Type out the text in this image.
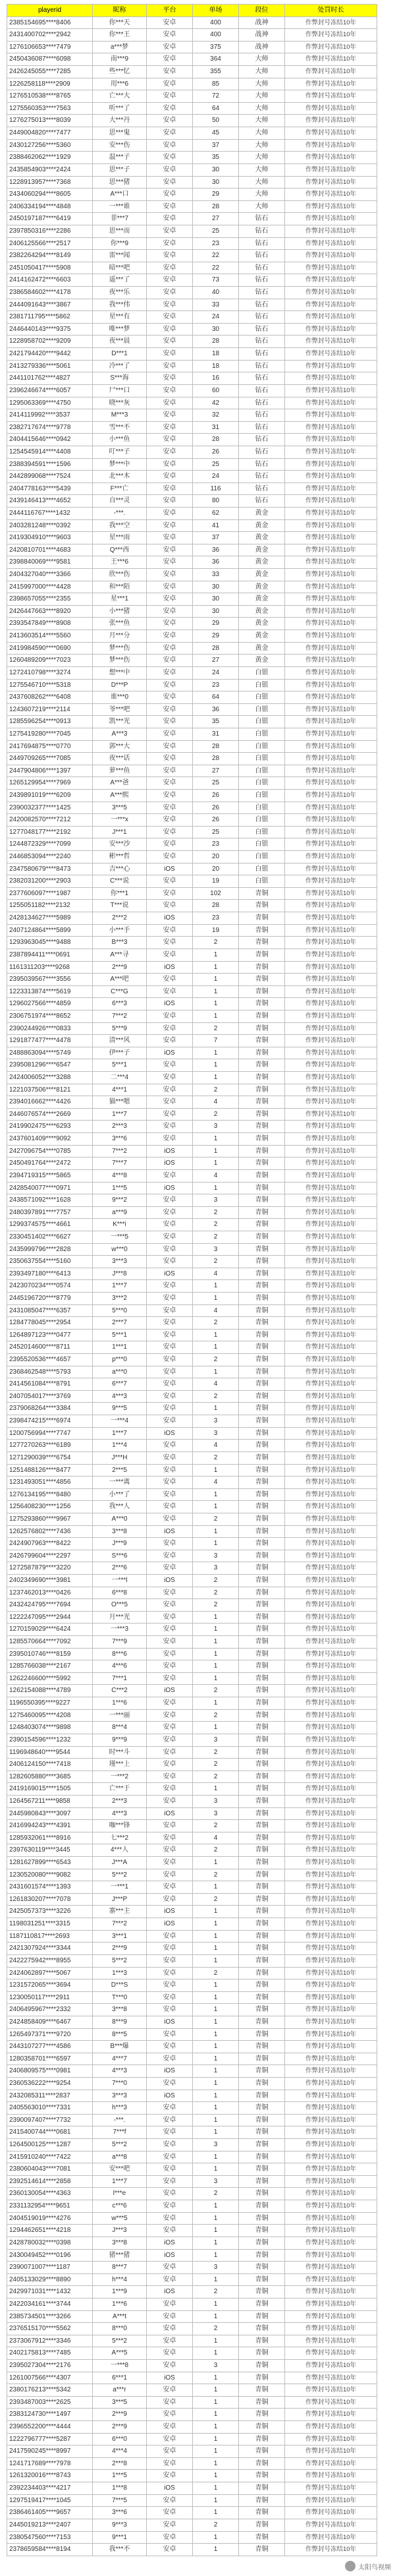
playerid	昵称	平台	单场	段位	处罚时长
2385154695****8406	你***天	安卓	400	战神	作弊封号冻结10年
2431400702****2942	你***王	安卓	400	战神	作弊封号冻结10年
1276106653****7479	a***梦	安卓	375	战神	作弊封号冻结10年
2450436087****6098	南***9	安卓	364	大师	作弊封号冻结10年
2426245055****7285	些***忆	安卓	355	大师	作弊封号冻结10年
1226258118****2909	用***6	安卓	85	大师	作弊封号冻结10年
1276510538****8765	亡***大	安卓	72	大师	作弊封号冻结10年
1275560353****7563	听***了	安卓	64	大师	作弊封号冻结10年
1276275013****8039	大***丹	安卓	50	大师	作弊封号冻结10年
2449004820****7477	思***鬼	安卓	45	大师	作弊封号冻结10年
2430127256****5360	安***伤	安卓	37	大师	作弊封号冻结10年
2388462062****1929	温***子	安卓	35	大师	作弊封号冻结10年
2435854903****2424	思***子	安卓	30	大师	作弊封号冻结10年
1228913957****7368	思***猪	安卓	30	大师	作弊封号冻结10年
2434060294****8605	A***口	安卓	29	大师	作弊封号冻结10年
2406334194****4848	一***谁	安卓	28	大师	作弊封号冻结10年
2450197187****6419	菲***7	安卓	27	钻石	作弊封号冻结10年
2397850316****2286	思***而	安卓	25	钻石	作弊封号冻结10年
2406125566****2517	你***9	安卓	23	钻石	作弊封号冻结10年
2382264294****8149	雷***闻	安卓	22	钻石	作弊封号冻结10年
2451050417****5908	暗***吧	安卓	22	钻石	作弊封号冻结10年
2414162472****6603	遥***了	安卓	73	钻石	作弊封号冻结10年
2386584602****4178	夜***乐	安卓	40	钻石	作弊封号冻结10年
2444091643****3867	我***伟	安卓	33	钻石	作弊封号冻结10年
2381711795****5862	星***有	安卓	24	钻石	作弊封号冻结10年
2446440143****9375	唯***梦	安卓	30	钻石	作弊封号冻结10年
1228958702****9209	夜***晨	安卓	28	钻石	作弊封号冻结10年
2421794420****9442	D***1	安卓	18	钻石	作弊封号冻结10年
2413279336****5061	冷***了	安卓	18	钻石	作弊封号冻结10年
2441101762****4827	S***海	安卓	16	钻石	作弊封号冻结10年
2396246674****6057	尸***口	安卓	60	钻石	作弊封号冻结10年
1295063369****4750	晓***灰	安卓	42	钻石	作弊封号冻结10年
2414119992****3537	M***3	安卓	32	钻石	作弊封号冻结10年
2382717674****9778	雪***不	安卓	31	钻石	作弊封号冻结10年
2404415646****0942	小***鱼	安卓	28	钻石	作弊封号冻结10年
1254545914****4408	叮***子	安卓	26	钻石	作弊封号冻结10年
2388394591****1596	梦***中	安卓	25	钻石	作弊封号冻结10年
2442899068****7524	北***木	安卓	24	钻石	作弊封号冻结10年
2404778163****5439	F***亡	安卓	116	钻石	作弊封号冻结10年
2439146413****4652	自***灵	安卓	80	钻石	作弊封号冻结10年
2444116767****1432	-***.	安卓	62	黄金	作弊封号冻结10年
2403281248****0392	我***空	安卓	41	黄金	作弊封号冻结10年
2419304910****9603	星***雨	安卓	37	黄金	作弊封号冻结10年
2420810701****4683	Q***西	安卓	36	黄金	作弊封号冻结10年
2398840069****9581	王***6	安卓	36	黄金	作弊封号冻结10年
2404327040****3366	欣***伤	安卓	33	黄金	作弊封号冻结10年
2415997000****4428	和***陌	安卓	30	黄金	作弊封号冻结10年
2398657055****2355	星***1	安卓	30	黄金	作弊封号冻结10年
2426447663****8920	小***猪	安卓	30	黄金	作弊封号冻结10年
2393547849****8908	张***鱼	安卓	29	黄金	作弊封号冻结10年
2413603514****5560	月***分	安卓	29	黄金	作弊封号冻结10年
2419984590****0690	梦***伤	安卓	28	黄金	作弊封号冻结10年
1260489209****7023	梦***伤	安卓	27	黄金	作弊封号冻结10年
1272410798****3274	想***中	安卓	24	白银	作弊封号冻结10年
1275546710****5318	D***P	安卓	23	白银	作弊封号冻结10年
2437608262****6408	谁***0	安卓	64	白银	作弊封号冻结10年
1243607219****2114	爷***吧	安卓	36	白银	作弊封号冻结10年
1285596254****0913	凯***光	安卓	35	白银	作弊封号冻结10年
1275419280****7045	A***3	安卓	31	白银	作弊封号冻结10年
2417694875****0770	郭***大	安卓	28	白银	作弊封号冻结10年
2449709265****7085	夜***话	安卓	28	白银	作弊封号冻结10年
2447904806****1397	萝***鱼	安卓	27	白银	作弊封号冻结10年
1265129954****7969	A***爸	安卓	25	白银	作弊封号冻结10年
2439891019****6209	A***熙	安卓	26	白银	作弊封号冻结10年
2390032377****1425	3***5	安卓	26	白银	作弊封号冻结10年
2420082570****7212	一***x	安卓	26	白银	作弊封号冻结10年
1277048177****2192	J***1	安卓	25	白银	作弊封号冻结10年
1244872329****7099	安***沙	安卓	23	白银	作弊封号冻结10年
2446853094****2240	彬***哲	安卓	20	白银	作弊封号冻结10年
2347580679****8473	吉***心	iOS	20	白银	作弊封号冻结10年
2382031200****2903	C***说	安卓	19	白银	作弊封号冻结10年
2377606097****1987	你***1	安卓	102	青铜	作弊封号冻结10年
1255051182****2132	T***说	安卓	28	青铜	作弊封号冻结10年
2428134627****5989	2***2	iOS	23	青铜	作弊封号冻结10年
2407124864****5899	小***手	安卓	19	青铜	作弊封号冻结10年
1293963045****9488	B***3	安卓	2	青铜	作弊封号冻结10年
2387894411****0691	A***寻	安卓	1	青铜	作弊封号冻结10年
1161311203****9268	2***9	iOS	1	青铜	作弊封号冻结10年
2395039567****3556	A***吧	安卓	1	青铜	作弊封号冻结10年
1223313874****5619	C***G	安卓	1	青铜	作弊封号冻结10年
1296027566****4859	6***3	iOS	1	青铜	作弊封号冻结10年
2306751974****8652	7***2	安卓	1	青铜	作弊封号冻结10年
2390244926****0833	5***9	安卓	2	青铜	作弊封号冻结10年
1291877477****4478	清***风	安卓	7	青铜	作弊封号冻结10年
2488863094****5749	伊***子	iOS	1	青铜	作弊封号冻结10年
2395081296****6547	5***1	安卓	1	青铜	作弊封号冻结10年
2424006052****3288	二***4	安卓	1	青铜	作弊封号冻结10年
1221037506****8121	4***1	安卓	2	青铜	作弊封号冻结10年
2394016662****4426	猫***嗯	安卓	4	青铜	作弊封号冻结10年
2446076574****2669	1***7	安卓	2	青铜	作弊封号冻结10年
2419902475****6293	2***3	安卓	3	青铜	作弊封号冻结10年
2437601409****9092	3***6	安卓	1	青铜	作弊封号冻结10年
2427096754****0785	7***2	iOS	1	青铜	作弊封号冻结10年
2450491764****2472	7***7	iOS	1	青铜	作弊封号冻结10年
2394719315****5865	4***8	安卓	4	青铜	作弊封号冻结10年
2428540077****0971	1***5	iOS	1	青铜	作弊封号冻结10年
2438571092****1628	9***2	安卓	3	青铜	作弊封号冻结10年
2480397891****7757	a***9	安卓	2	青铜	作弊封号冻结10年
1299374575****4661	K***i	安卓	2	青铜	作弊封号冻结10年
2330451402****6627	一***5	安卓	2	青铜	作弊封号冻结10年
2435999796****2828	w***0	安卓	3	青铜	作弊封号冻结10年
2350637554****5160	3***3	安卓	2	青铜	作弊封号冻结10年
2393497180****6413	J***8	iOS	4	青铜	作弊封号冻结10年
2423070234****0574	1***7	安卓	1	青铜	作弊封号冻结10年
2445196720****8779	3***2	安卓	1	青铜	作弊封号冻结10年
2431085047****6357	5***0	安卓	4	青铜	作弊封号冻结10年
1284778045****2954	2***7	安卓	2	青铜	作弊封号冻结10年
1264897123****0477	5***1	安卓	1	青铜	作弊封号冻结10年
2452014600****8711	1***1	安卓	1	青铜	作弊封号冻结10年
2395520536****4657	p***0	安卓	2	青铜	作弊封号冻结10年
2368462548****5793	a***0	安卓	1	青铜	作弊封号冻结10年
2414561084****8791	6***7	安卓	4	青铜	作弊封号冻结10年
2407054017****3769	4***3	安卓	2	青铜	作弊封号冻结10年
2379068264****3384	9***5	安卓	1	青铜	作弊封号冻结10年
2398474215****6974	一***4	安卓	3	青铜	作弊封号冻结10年
1200756994****7747	1***7	iOS	3	青铜	作弊封号冻结10年
1277270263****6189	1***4	安卓	4	青铜	作弊封号冻结10年
1271290039****6754	J***H	安卓	2	青铜	作弊封号冻结10年
1251488126****8477	2***5	安卓	1	青铜	作弊封号冻结10年
1231493051****4856	一***离	安卓	4	青铜	作弊封号冻结10年
1276134195****8480	小***了	安卓	1	青铜	作弊封号冻结10年
1256408230****1256	我***人	安卓	1	青铜	作弊封号冻结10年
1275293860****9967	A***0	安卓	2	青铜	作弊封号冻结10年
1262576802****7436	3***8	iOS	1	青铜	作弊封号冻结10年
2424907963****8422	J***9	安卓	1	青铜	作弊封号冻结10年
2426799604****2297	S***6	安卓	3	青铜	作弊封号冻结10年
1272587879****3220	2***6	安卓	3	青铜	作弊封号冻结10年
2402349690****3981	一***l	iOS	2	青铜	作弊封号冻结10年
1237462013****0426	6***8	安卓	2	青铜	作弊封号冻结10年
2432424795****7694	O***5	安卓	2	青铜	作弊封号冻结10年
1222247095****2944	月***光	安卓	1	青铜	作弊封号冻结10年
1270159029****6424	一***3	安卓	1	青铜	作弊封号冻结10年
1285570664****7092	7***9	安卓	1	青铜	作弊封号冻结10年
2395010746****8159	8***6	安卓	1	青铜	作弊封号冻结10年
1285766038****2167	4***6	安卓	1	青铜	作弊封号冻结10年
1262246600****5992	7***1	安卓	1	青铜	作弊封号冻结10年
1262154088****4789	C***2	iOS	2	青铜	作弊封号冻结10年
1196550395****9227	1***6	安卓	1	青铜	作弊封号冻结10年
1275460095****4208	一***丽	安卓	2	青铜	作弊封号冻结10年
1248403074****9898	8***4	安卓	1	青铜	作弊封号冻结10年
2390154596****1232	9***9	安卓	3	青铜	作弊封号冻结10年
1196948640****9544	时***斗	安卓	2	青铜	作弊封号冻结10年
2406124150****7418	瑾***上	安卓	2	青铜	作弊封号冻结10年
1282605880****3685	一***2	安卓	2	青铜	作弊封号冻结10年
2419169015****1505	亡***于	安卓	1	青铜	作弊封号冻结10年
1264567211****9858	2***3	安卓	3	青铜	作弊封号冻结10年
2445980843****3097	4***3	iOS	3	青铜	作弊封号冻结10年
2416994243****4391	咖***锋	安卓	2	青铜	作弊封号冻结10年
1285932061****8916	七***2	安卓	4	青铜	作弊封号冻结10年
2397630119****3445	4***人	安卓	2	青铜	作弊封号冻结10年
1281627899****6543	J***A	安卓	1	青铜	作弊封号冻结10年
1230520080****9082	5***2	安卓	2	青铜	作弊封号冻结10年
2431601574****1393	一***1	安卓	1	青铜	作弊封号冻结10年
1261830207****7078	J***P	安卓	2	青铜	作弊封号冻结10年
2425057373****3226	寨***主	iOS	1	青铜	作弊封号冻结10年
1198031251****3315	7***2	iOS	1	青铜	作弊封号冻结10年
1187110817****2693	3***1	安卓	1	青铜	作弊封号冻结10年
2421307924****3344	2***9	安卓	1	青铜	作弊封号冻结10年
2422275942****8955	5***2	安卓	1	青铜	作弊封号冻结10年
2424062897****5067	1***3	安卓	2	青铜	作弊封号冻结10年
1231572065****3694	D***S	安卓	1	青铜	作弊封号冻结10年
1230050117****2911	T***0	安卓	1	青铜	作弊封号冻结10年
2406495967****2332	3***8	安卓	1	青铜	作弊封号冻结10年
2424858409****6467	8***9	iOS	1	青铜	作弊封号冻结10年
1265497371****9720	8***5	安卓	1	青铜	作弊封号冻结10年
2443107277****4586	B***爆	安卓	1	青铜	作弊封号冻结10年
1280358701****6597	4***7	安卓	1	青铜	作弊封号冻结10年
2406809575****0981	4***3	iOS	1	青铜	作弊封号冻结10年
2360536222****9254	7***0	安卓	1	青铜	作弊封号冻结10年
2432085311****2837	3***3	iOS	1	青铜	作弊封号冻结10年
2405563010****7331	h***3	安卓	1	青铜	作弊封号冻结10年
2390097407****7732	-***.	安卓	1	青铜	作弊封号冻结10年
2415400744****0681	7***f	安卓	1	青铜	作弊封号冻结10年
1264500125****1287	5***2	安卓	3	青铜	作弊封号冻结10年
2415910240****7422	a***8	安卓	1	青铜	作弊封号冻结10年
2380604043****7081	安***吧	安卓	1	青铜	作弊封号冻结10年
2392514614****2858	1***7	安卓	3	青铜	作弊封号冻结10年
2360130054****4363	l***e	安卓	2	青铜	作弊封号冻结10年
2331132954****9651	c***6	安卓	1	青铜	作弊封号冻结10年
2404519019****4276	w***5	安卓	1	青铜	作弊封号冻结10年
1294462651****4218	J***3	安卓	1	青铜	作弊封号冻结10年
2428780032****0398	3***8	iOS	1	青铜	作弊封号冻结10年
2430049452****0196	猪***猪	iOS	1	青铜	作弊封号冻结10年
2390071007****1187	8***7	安卓	3	青铜	作弊封号冻结10年
2405133029****8890	h***4	安卓	1	青铜	作弊封号冻结10年
2429971031****1432	1***9	iOS	2	青铜	作弊封号冻结10年
2422034161****3744	1***6	安卓	1	青铜	作弊封号冻结10年
2385734501****3266	A***t	安卓	1	青铜	作弊封号冻结10年
2376515170****5562	8***0	安卓	2	青铜	作弊封号冻结10年
2373067912****3346	5***2	安卓	1	青铜	作弊封号冻结10年
2402175813****7485	A***5	安卓	1	青铜	作弊封号冻结10年
2395027304****2176	一***8	安卓	3	青铜	作弊封号冻结10年
1261007566****4307	6***1	iOS	1	青铜	作弊封号冻结10年
2380176213****5342	a***r	安卓	1	青铜	作弊封号冻结10年
2393487003****2625	3***5	安卓	1	青铜	作弊封号冻结10年
2383124730****1497	2***9	安卓	1	青铜	作弊封号冻结10年
2396552200****4444	2***9	安卓	1	青铜	作弊封号冻结10年
1222796777****5287	6***0	安卓	1	青铜	作弊封号冻结10年
2417590245****8997	4***4	安卓	1	青铜	作弊封号冻结10年
1241717689****7978	2***8	安卓	1	青铜	作弊封号冻结10年
1261320016****8743	1***5	安卓	1	青铜	作弊封号冻结10年
2392234403****4217	1***8	iOS	1	青铜	作弊封号冻结10年
1297519417****1045	7***5	安卓	1	青铜	作弊封号冻结10年
2386461405****9657	3***6	安卓	1	青铜	作弊封号冻结10年
2445019213****2407	9***3	安卓	2	青铜	作弊封号冻结10年
2380547560****7153	9***1	安卓	1	青铜	作弊封号冻结10年
2378659584****8194	我***不	安卓	1	青铜	作弊封号冻结10年
太阳鸟视频
